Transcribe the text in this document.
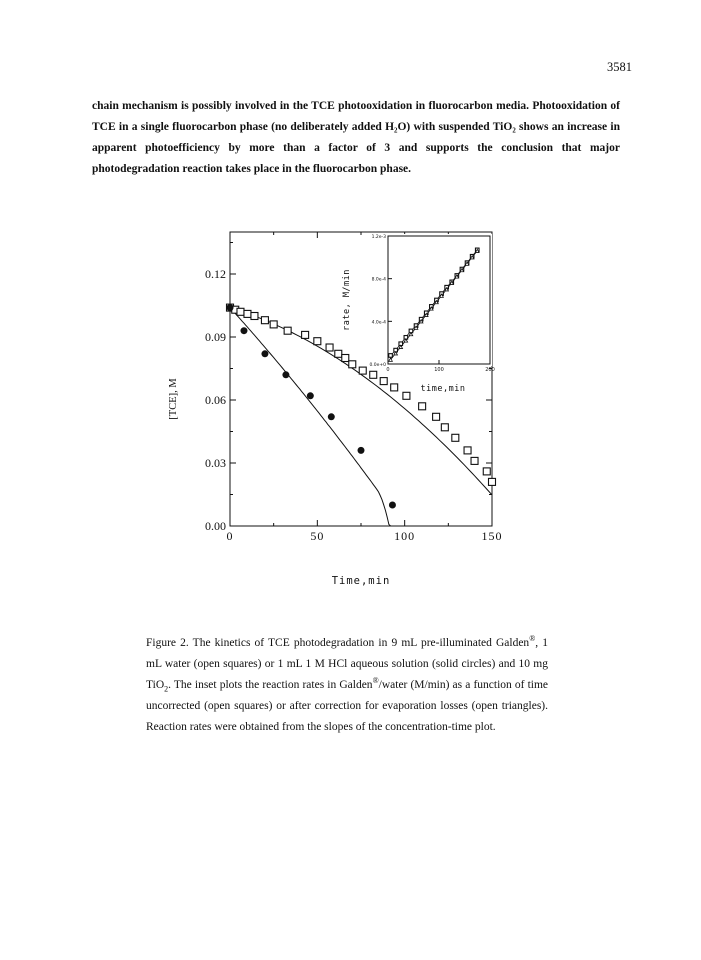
3581

chain mechanism is possibly involved in the TCE photooxidation in fluorocarbon media. Photooxidation of TCE in a single fluorocarbon phase (no deliberately added H₂O) with suspended TiO₂ shows an increase in apparent photoefficiency by more than a factor of 3 and supports the conclusion that major photodegradation reaction takes place in the fluorocarbon phase.

0	50	100	150
0.00
0.03
0.06
0.09
0.12
Time,min
[TCE], M
0.0e+0
4.0e-4
8.0e-4
1.2e-3
0	100	200
time,min
rate, M/min

Figure 2. The kinetics of TCE photodegradation in 9 mL pre-illuminated Galden®, 1 mL water (open squares) or 1 mL 1 M HCl aqueous solution (solid circles) and 10 mg TiO$_2$. The inset plots the reaction rates in Galden®/water (M/min) as a function of time uncorrected (open squares) or after correction for evaporation losses (open triangles). Reaction rates were obtained from the slopes of the concentration-time plot.
